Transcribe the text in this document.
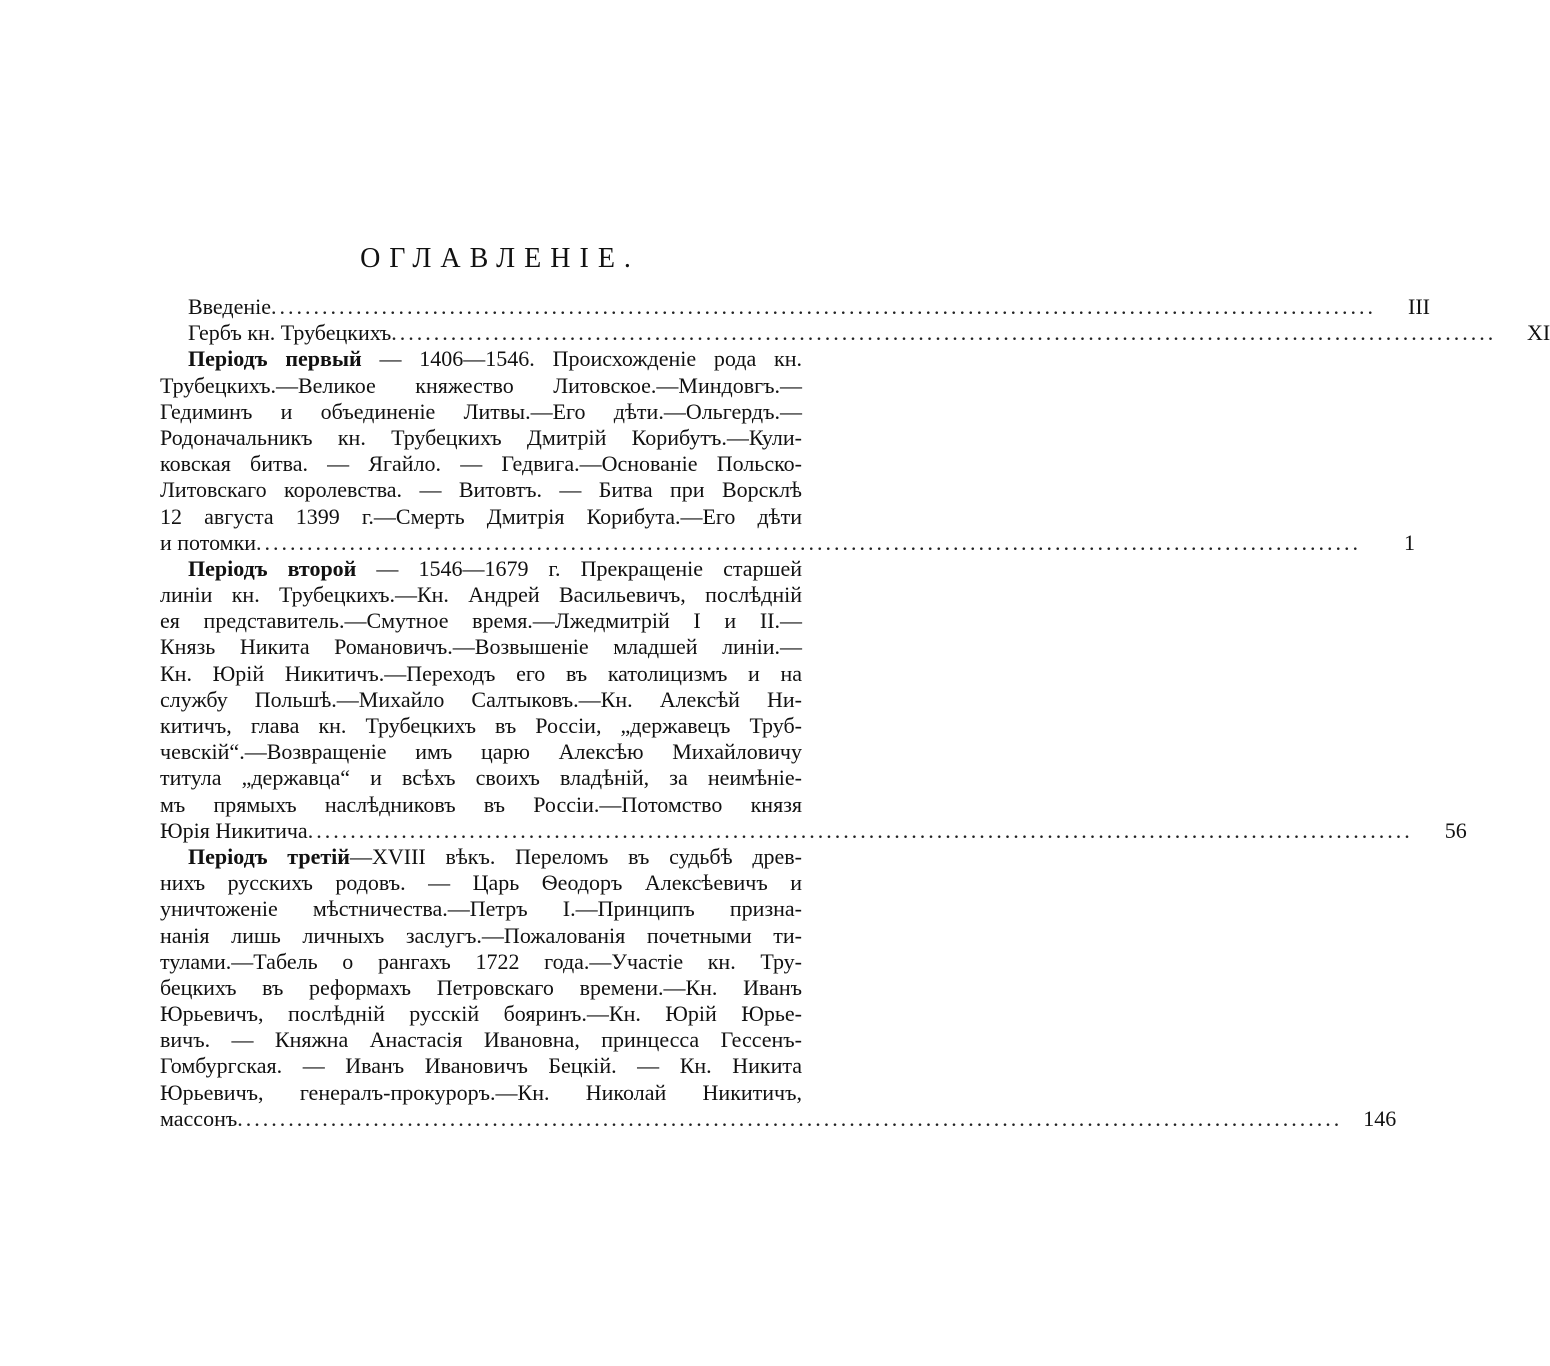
ОГЛАВЛЕНІЕ.
Введеніе ..................................................................................................................................	III
Гербъ кн. Трубецкихъ ..................................................................................................................................	XI
Періодъ первый — 1406—1546. Происхожденіе рода кн.
Трубецкихъ.—Великое княжество Литовское.—Миндовгъ.—
Гедиминъ и объединеніе Литвы.—Его дѣти.—Ольгердъ.—
Родоначальникъ кн. Трубецкихъ Дмитрій Корибутъ.—Кули-
ковская битва. — Ягайло. — Гедвига.—Основаніе Польско-
Литовскаго королевства. — Витовтъ. — Битва при Ворсклѣ
12 августа 1399 г.—Смерть Дмитрія Корибута.—Его дѣти
и потомки ..................................................................................................................................	1
Періодъ второй — 1546—1679 г. Прекращеніе старшей
линіи кн. Трубецкихъ.—Кн. Андрей Васильевичъ, послѣдній
ея представитель.—Смутное время.—Лжедмитрій I и II.—
Князь Никита Романовичъ.—Возвышеніе младшей линіи.—
Кн. Юрій Никитичъ.—Переходъ его въ католицизмъ и на
службу Польшѣ.—Михайло Салтыковъ.—Кн. Алексѣй Ни-
китичъ, глава кн. Трубецкихъ въ Россіи, „державецъ Труб-
чевскій“.—Возвращеніе имъ царю Алексѣю Михайловичу
титула „державца“ и всѣхъ своихъ владѣній, за неимѣніе-
мъ прямыхъ наслѣдниковъ въ Россіи.—Потомство князя
Юрія Никитича ..................................................................................................................................	56
Періодъ третій—XVIII вѣкъ. Переломъ въ судьбѣ древ-
нихъ русскихъ родовъ. — Царь Ѳеодоръ Алексѣевичъ и
уничтоженіе мѣстничества.—Петръ I.—Принципъ призна-
нанія лишь личныхъ заслугъ.—Пожалованія почетными ти-
тулами.—Табель о рангахъ 1722 года.—Участіе кн. Тру-
бецкихъ въ реформахъ Петровскаго времени.—Кн. Иванъ
Юрьевичъ, послѣдній русскій бояринъ.—Кн. Юрій Юрье-
вичъ. — Княжна Анастасія Ивановна, принцесса Гессенъ-
Гомбургская. — Иванъ Ивановичъ Бецкій. — Кн. Никита
Юрьевичъ, генералъ-прокуроръ.—Кн. Николай Никитичъ,
массонъ .................................................................................................................................. 146
